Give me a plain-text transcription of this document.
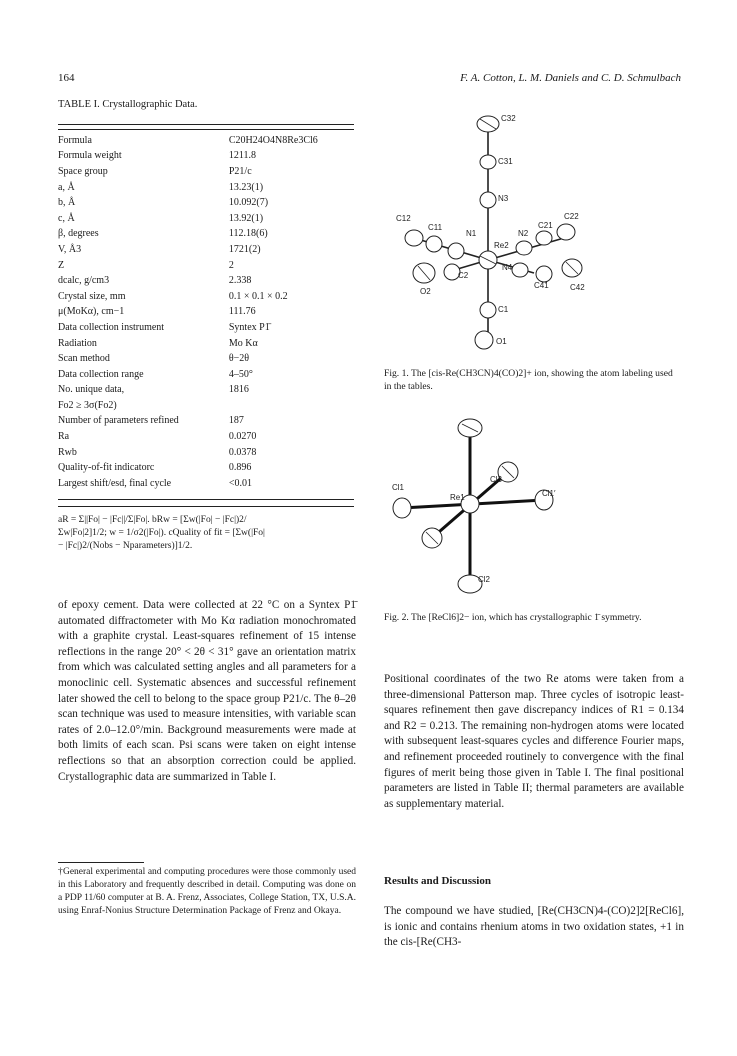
164	F. A. Cotton, L. M. Daniels and C. D. Schmulbach
TABLE I. Crystallographic Data.
Formula	C20H24O4N8Re3Cl6
Formula weight	1211.8
Space group	P21/c
a, Å	13.23(1)
b, Å	10.092(7)
c, Å	13.92(1)
β, degrees	112.18(6)
V, Å3	1721(2)
Z	2
dcalc, g/cm3	2.338
Crystal size, mm	0.1 × 0.1 × 0.2
μ(MoKα), cm−1	111.76
Data collection instrument	Syntex P1̄
Radiation	Mo Kα
Scan method	θ−2θ
Data collection range	4–50°
No. unique data,	1816
Fo2 ≥ 3σ(Fo2)	
Number of parameters refined	187
Ra	0.0270
Rwb	0.0378
Quality-of-fit indicatorc	0.896
Largest shift/esd, final cycle	<0.01
aR = Σ||Fo| − |Fc||/Σ|Fo|. bRw = [Σw(|Fo| − |Fc|)2/
Σw|Fo|2]1/2; w = 1/σ2(|Fo|). cQuality of fit = [Σw(|Fo|
− |Fc|)2/(Nobs − Nparameters)]1/2.

of epoxy cement. Data were collected at 22 °C on a Syntex P1̄ automated diffractometer with Mo Kα radiation monochromated with a graphite crystal. Least-squares refinement of 15 intense reflections in the range 20° < 2θ < 31° gave an orientation matrix from which was calculated setting angles and all parameters for a monoclinic cell. Systematic absences and successful refinement later showed the cell to belong to the space group P21/c. The θ–2θ scan technique was used to measure intensities, with variable scan rates of 2.0–12.0°/min. Background measurements were made at both limits of each scan. Psi scans were taken on eight intense reflections so that an absorption correction could be applied. Crystallographic data are summarized in Table I.

†General experimental and computing procedures were those commonly used in this Laboratory and frequently described in detail. Computing was done on a PDP 11/60 computer at B. A. Frenz, Associates, College Station, TX, U.S.A. using Enraf-Nonius Structure Determination Package of Frenz and Okaya.
C32
C31
N3
C12
C11
N1
Re2
N2
C21
C22
C2
N4
C41	C42
O2
C1
O1
Fig. 1. The [cis-Re(CH3CN)4(CO)2]+ ion, showing the atom labeling used in the tables.
Cl3
Cl1
Re1	Cl1′
Cl2
Fig. 2. The [ReCl6]2− ion, which has crystallographic 1̄ symmetry.

Positional coordinates of the two Re atoms were taken from a three-dimensional Patterson map. Three cycles of isotropic least-squares refinement then gave discrepancy indices of R1 = 0.134 and R2 = 0.213. The remaining non-hydrogen atoms were located with subsequent least-squares cycles and difference Fourier maps, and refinement proceeded routinely to convergence with the final figures of merit being those given in Table I. The final positional parameters are listed in Table II; thermal parameters are available as supplementary material.

Results and Discussion

The compound we have studied, [Re(CH3CN)4-(CO)2]2[ReCl6], is ionic and contains rhenium atoms in two oxidation states, +1 in the cis-[Re(CH3-
